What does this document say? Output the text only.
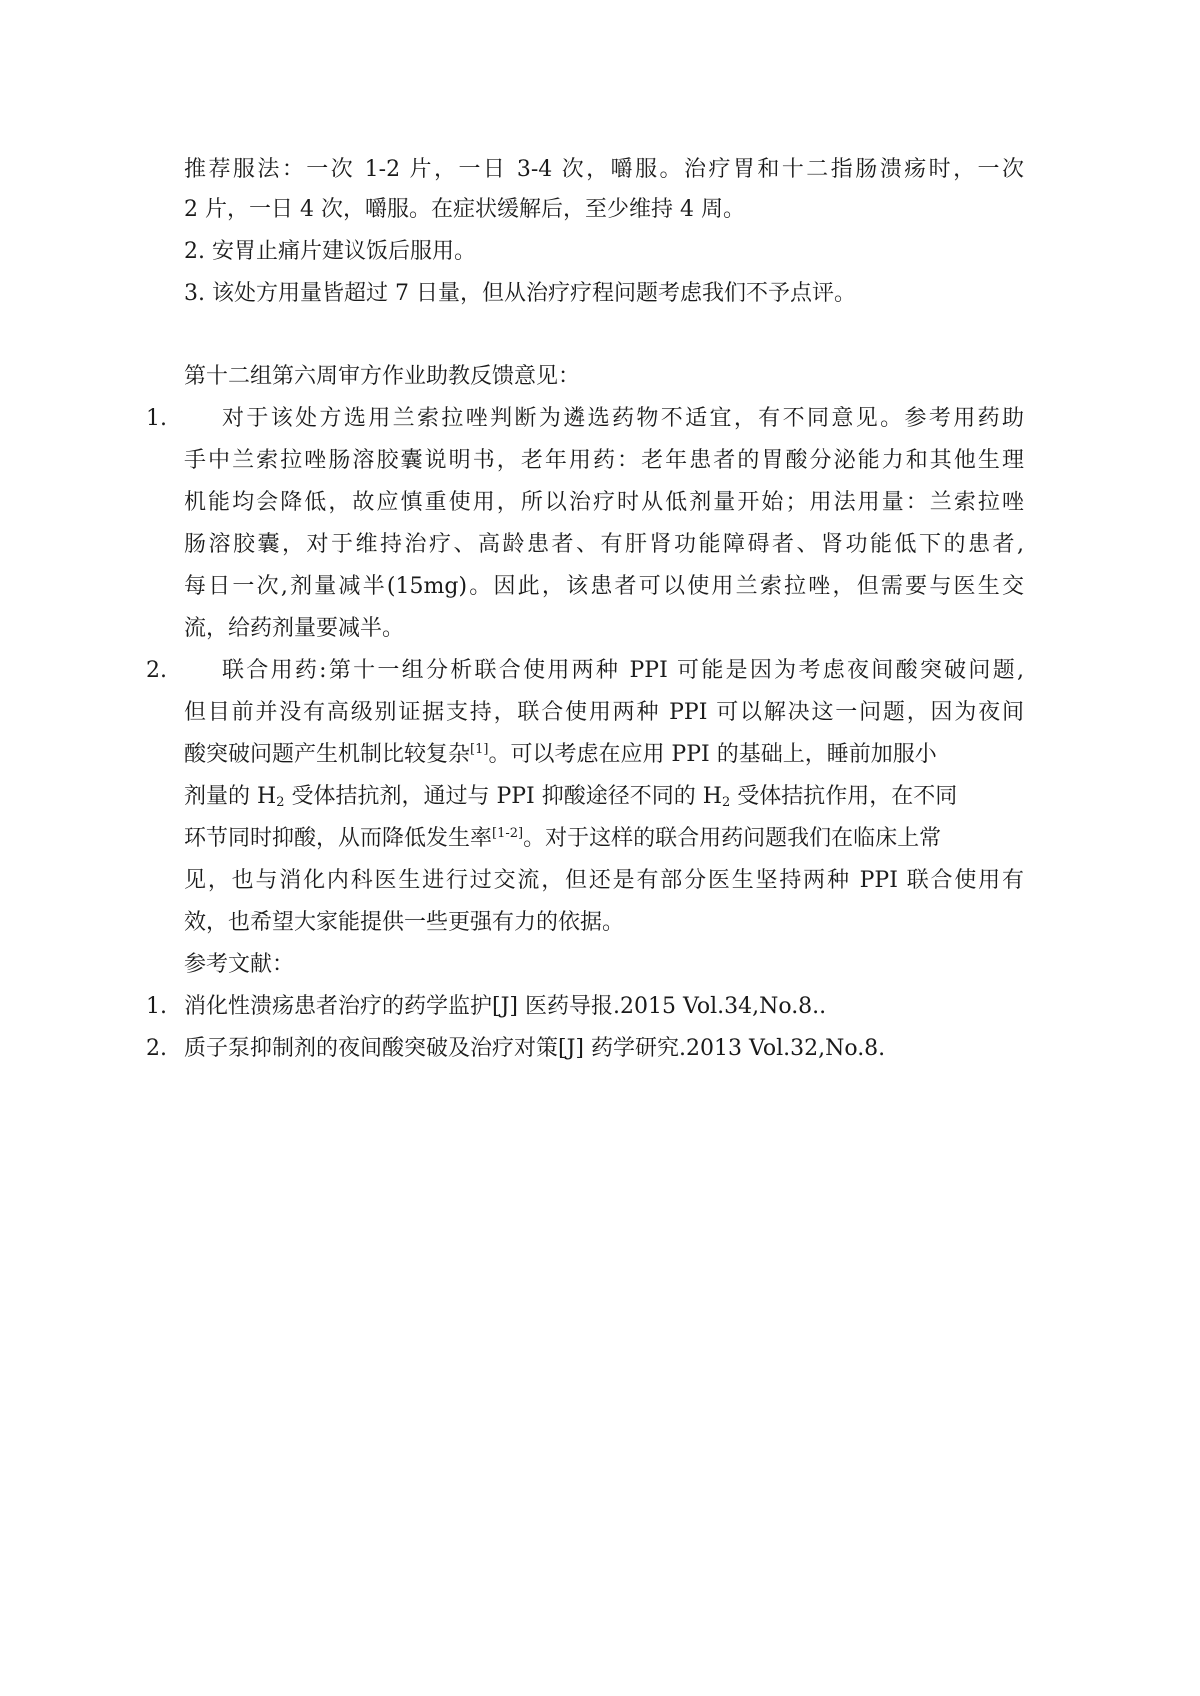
推荐服法：一次 1-2 片，一日 3-4 次，嚼服。治疗胃和十二指肠溃疡时，一次
2 片，一日 4 次，嚼服。在症状缓解后，至少维持 4 周。
2. 安胃止痛片建议饭后服用。
3. 该处方用量皆超过 7 日量，但从治疗疗程问题考虑我们不予点评。
第十二组第六周审方作业助教反馈意见：
1.	对于该处方选用兰索拉唑判断为遴选药物不适宜，有不同意见。参考用药助
手中兰索拉唑肠溶胶囊说明书，老年用药：老年患者的胃酸分泌能力和其他生理
机能均会降低，故应慎重使用，所以治疗时从低剂量开始；用法用量：兰索拉唑
肠溶胶囊，对于维持治疗、高龄患者、有肝肾功能障碍者、肾功能低下的患者,
每日一次,剂量减半(15mg)。因此，该患者可以使用兰索拉唑，但需要与医生交
流，给药剂量要减半。
2.	联合用药:第十一组分析联合使用两种 PPI 可能是因为考虑夜间酸突破问题,
但目前并没有高级别证据支持，联合使用两种 PPI 可以解决这一问题，因为夜间
酸突破问题产生机制比较复杂[1]。可以考虑在应用 PPI 的基础上，睡前加服小
剂量的 $H_2$ 受体拮抗剂，通过与 PPI 抑酸途径不同的 $H_2$ 受体拮抗作用，在不同
环节同时抑酸，从而降低发生率[1-2]。对于这样的联合用药问题我们在临床上常
见，也与消化内科医生进行过交流，但还是有部分医生坚持两种 PPI 联合使用有
效，也希望大家能提供一些更强有力的依据。
参考文献：
1. 消化性溃疡患者治疗的药学监护[J] 医药导报.2015 Vol.34,No.8..
2. 质子泵抑制剂的夜间酸突破及治疗对策[J] 药学研究.2013 Vol.32,No.8.
